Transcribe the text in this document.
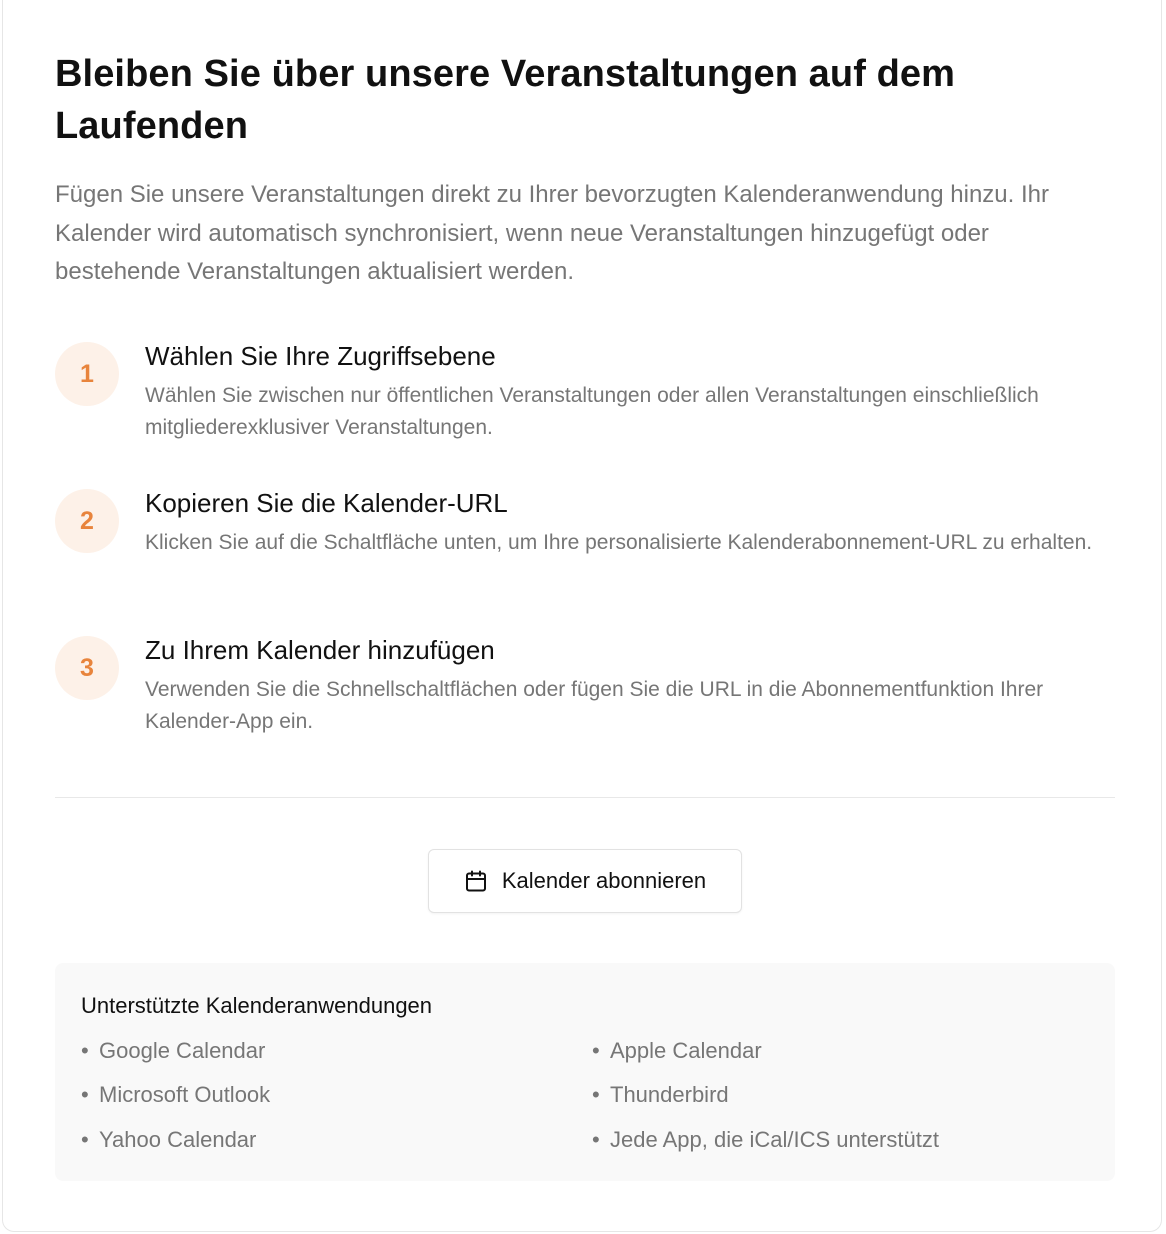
Bleiben Sie über unsere Veranstaltungen auf dem Laufenden

Fügen Sie unsere Veranstaltungen direkt zu Ihrer bevorzugten Kalenderanwendung hinzu. Ihr Kalender wird automatisch synchronisiert, wenn neue Veranstaltungen hinzugefügt oder bestehende Veranstaltungen aktualisiert werden.

1
Wählen Sie Ihre Zugriffsebene

Wählen Sie zwischen nur öffentlichen Veranstaltungen oder allen Veranstaltungen einschließlich mitgliederexklusiver Veranstaltungen.

2
Kopieren Sie die Kalender-URL

Klicken Sie auf die Schaltfläche unten, um Ihre personalisierte Kalenderabonnement-URL zu erhalten.

3
Zu Ihrem Kalender hinzufügen

Verwenden Sie die Schnellschaltflächen oder fügen Sie die URL in die Abonnementfunktion Ihrer Kalender-App ein.

Kalender abonnieren
Unterstützte Kalenderanwendungen
• Google Calendar	• Apple Calendar
• Microsoft Outlook	• Thunderbird
• Yahoo Calendar	• Jede App, die iCal/ICS unterstützt
